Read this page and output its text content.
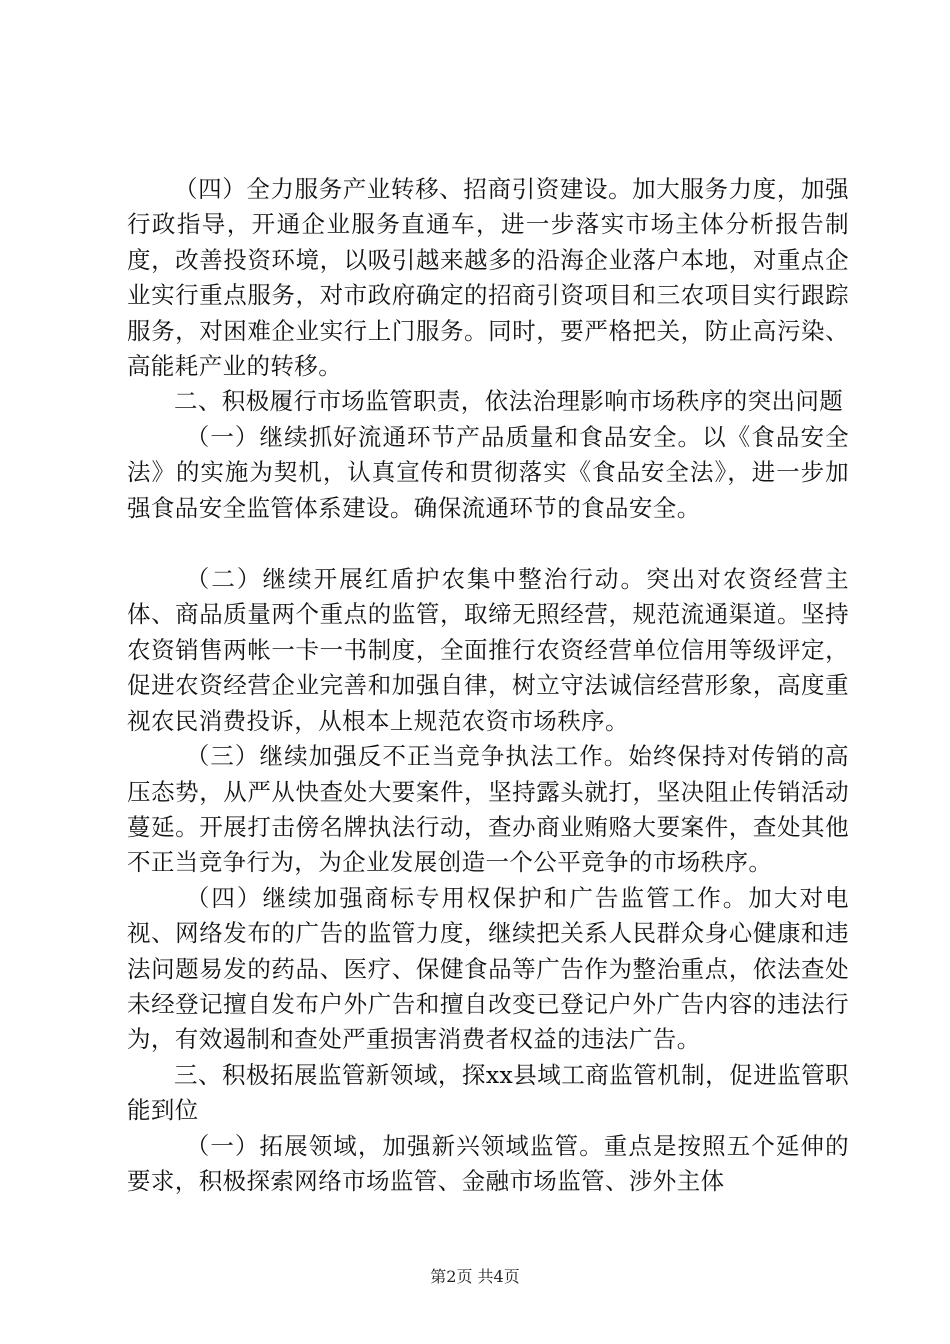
（四）全力服务产业转移、招商引资建设。加大服务力度，加强行政指导，开通企业服务直通车，进一步落实市场主体分析报告制度，改善投资环境，以吸引越来越多的沿海企业落户本地，对重点企业实行重点服务，对市政府确定的招商引资项目和三农项目实行跟踪服务，对困难企业实行上门服务。同时，要严格把关，防止高污染、高能耗产业的转移。

二、积极履行市场监管职责，依法治理影响市场秩序的突出问题

（一）继续抓好流通环节产品质量和食品安全。以《食品安全法》的实施为契机，认真宣传和贯彻落实《食品安全法》，进一步加强食品安全监管体系建设。确保流通环节的食品安全。

（二）继续开展红盾护农集中整治行动。突出对农资经营主体、商品质量两个重点的监管，取缔无照经营，规范流通渠道。坚持农资销售两帐一卡一书制度，全面推行农资经营单位信用等级评定，促进农资经营企业完善和加强自律，树立守法诚信经营形象，高度重视农民消费投诉，从根本上规范农资市场秩序。

（三）继续加强反不正当竞争执法工作。始终保持对传销的高压态势，从严从快查处大要案件，坚持露头就打，坚决阻止传销活动蔓延。开展打击傍名牌执法行动，查办商业贿赂大要案件，查处其他不正当竞争行为，为企业发展创造一个公平竞争的市场秩序。

（四）继续加强商标专用权保护和广告监管工作。加大对电视、网络发布的广告的监管力度，继续把关系人民群众身心健康和违法问题易发的药品、医疗、保健食品等广告作为整治重点，依法查处未经登记擅自发布户外广告和擅自改变已登记户外广告内容的违法行为，有效遏制和查处严重损害消费者权益的违法广告。

三、积极拓展监管新领域，探xx县域工商监管机制，促进监管职能到位

（一）拓展领域，加强新兴领域监管。重点是按照五个延伸的要求，积极探索网络市场监管、金融市场监管、涉外主体

第2页 共4页
